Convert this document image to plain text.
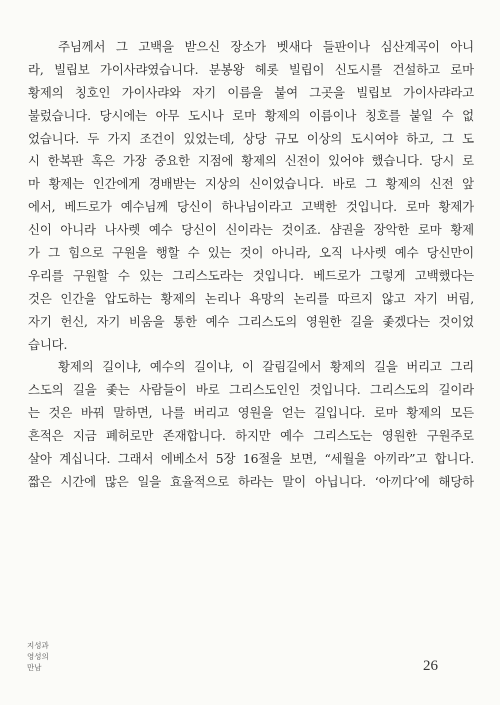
주님께서 그 고백을 받으신 장소가 벳새다 들판이나 심산계곡이 아니
라, 빌립보 가이사랴였습니다. 분봉왕 헤롯 빌립이 신도시를 건설하고 로마
황제의 칭호인 가이사랴와 자기 이름을 붙여 그곳을 빌립보 가이사랴라고
불렀습니다. 당시에는 아무 도시나 로마 황제의 이름이나 칭호를 붙일 수 없
었습니다. 두 가지 조건이 있었는데, 상당 규모 이상의 도시여야 하고, 그 도
시 한복판 혹은 가장 중요한 지점에 황제의 신전이 있어야 했습니다. 당시 로
마 황제는 인간에게 경배받는 지상의 신이었습니다. 바로 그 황제의 신전 앞
에서, 베드로가 예수님께 당신이 하나님이라고 고백한 것입니다. 로마 황제가
신이 아니라 나사렛 예수 당신이 신이라는 것이죠. 샴권을 장악한 로마 황제
가 그 힘으로 구원을 행할 수 있는 것이 아니라, 오직 나사렛 예수 당신만이
우리를 구원할 수 있는 그리스도라는 것입니다. 베드로가 그렇게 고백했다는
것은 인간을 압도하는 황제의 논리나 욕망의 논리를 따르지 않고 자기 버림,
자기 헌신, 자기 비움을 통한 예수 그리스도의 영원한 길을 좇겠다는 것이었
습니다.
황제의 길이냐, 예수의 길이냐, 이 갈림길에서 황제의 길을 버리고 그리
스도의 길을 좇는 사람들이 바로 그리스도인인 것입니다. 그리스도의 길이라
는 것은 바꿔 말하면, 나를 버리고 영원을 얻는 길입니다. 로마 황제의 모든
흔적은 지금 폐허로만 존재합니다. 하지만 예수 그리스도는 영원한 구원주로
살아 계십니다. 그래서 에베소서 5장 16절을 보면, “세월을 아끼라”고 합니다.
짧은 시간에 많은 일을 효율적으로 하라는 말이 아닙니다. ‘아끼다’에 해당하
지성과
영성의
만남	26
